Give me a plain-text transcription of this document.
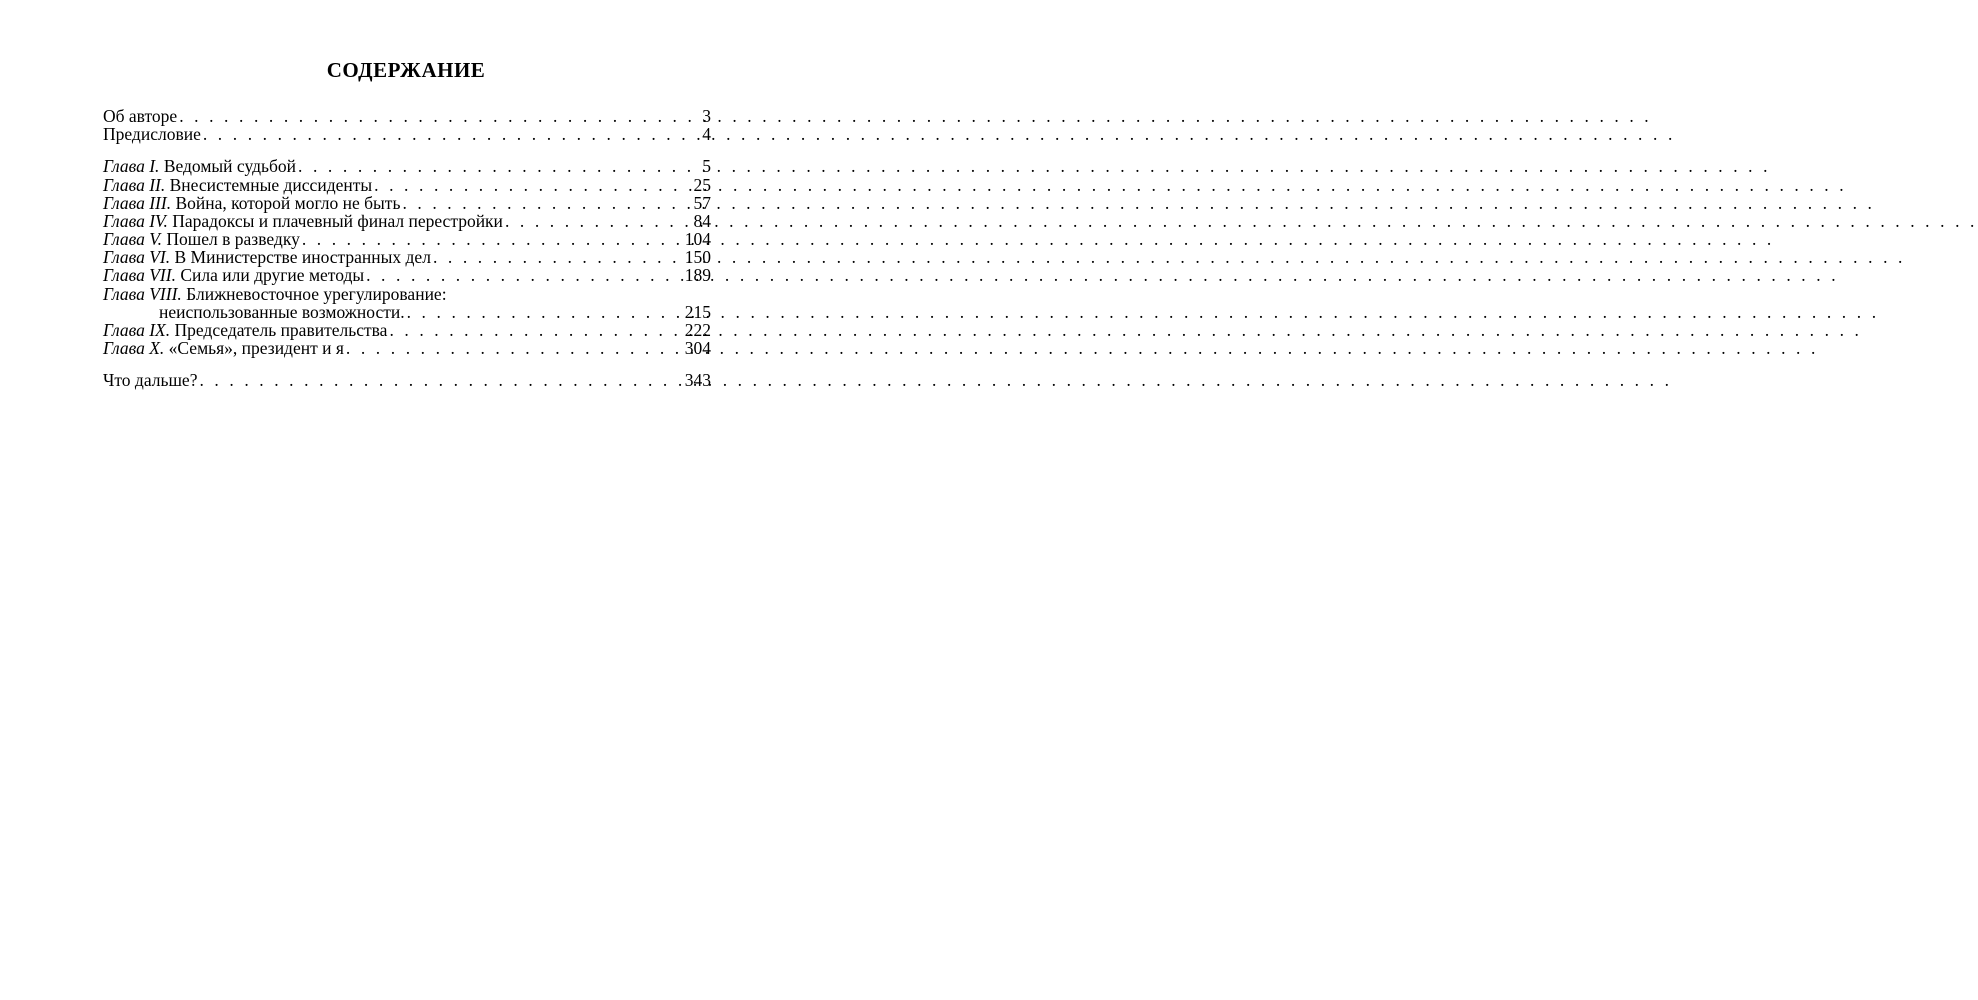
СОДЕРЖАНИЕ
Об авторе . . .	3
Предисловие . . .	4
Глава I. Ведомый судьбой . . .	5
Глава II. Внесистемные диссиденты . . .	25
Глава III. Война, которой могло не быть . . .	57
Глава IV. Парадоксы и плачевный финал перестройки . . .	84
Глава V. Пошел в разведку . . .	104
Глава VI. В Министерстве иностранных дел . . .	150
Глава VII. Сила или другие методы . . .	189
Глава VIII. Ближневосточное урегулирование:
неиспользованные возможности. . . .	215
Глава IX. Председатель правительства . . .	222
Глава X. «Семья», президент и я . . .	304
Что дальше? . . .	343
